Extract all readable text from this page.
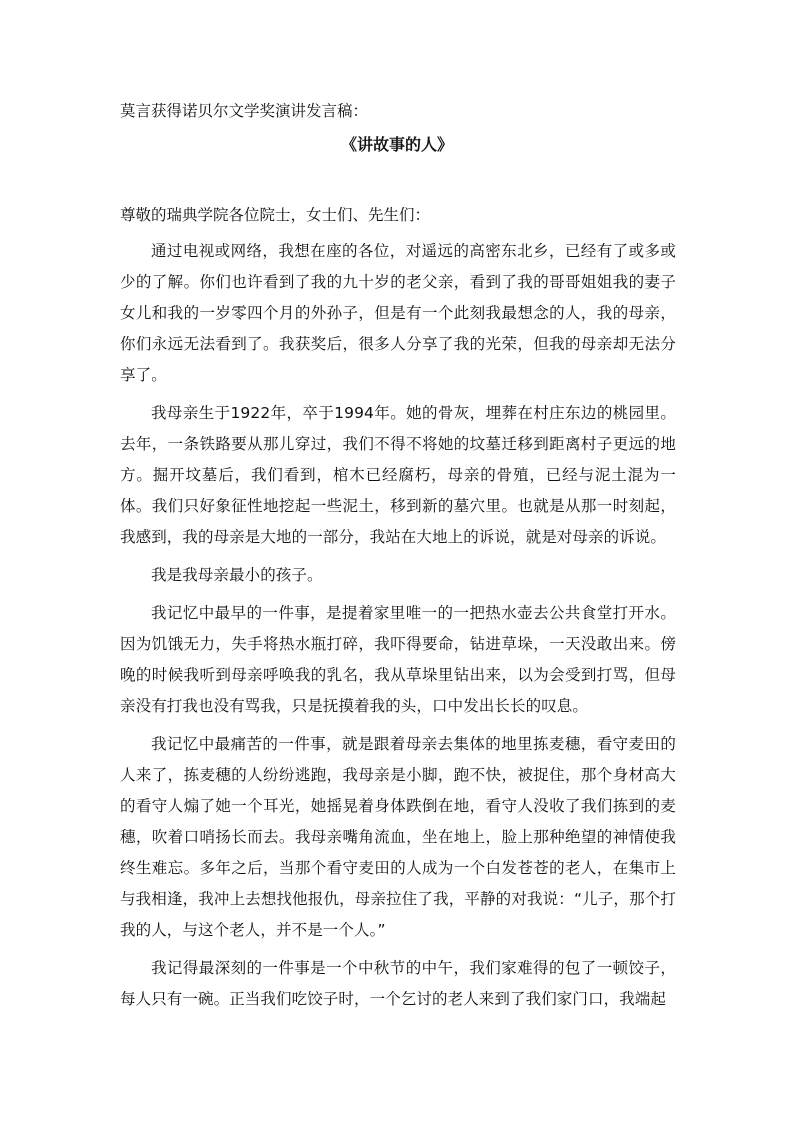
莫言获得诺贝尔文学奖演讲发言稿：
《讲故事的人》
尊敬的瑞典学院各位院士，女士们、先生们：

通过电视或网络，我想在座的各位，对遥远的高密东北乡，已经有了或多或少的了解。你们也许看到了我的九十岁的老父亲，看到了我的哥哥姐姐我的妻子女儿和我的一岁零四个月的外孙子，但是有一个此刻我最想念的人，我的母亲，你们永远无法看到了。我获奖后，很多人分享了我的光荣，但我的母亲却无法分享了。

我母亲生于1922年，卒于1994年。她的骨灰，埋葬在村庄东边的桃园里。去年，一条铁路要从那儿穿过，我们不得不将她的坟墓迁移到距离村子更远的地方。掘开坟墓后，我们看到，棺木已经腐朽，母亲的骨殖，已经与泥土混为一体。我们只好象征性地挖起一些泥土，移到新的墓穴里。也就是从那一时刻起，我感到，我的母亲是大地的一部分，我站在大地上的诉说，就是对母亲的诉说。

我是我母亲最小的孩子。

我记忆中最早的一件事，是提着家里唯一的一把热水壶去公共食堂打开水。因为饥饿无力，失手将热水瓶打碎，我吓得要命，钻进草垛，一天没敢出来。傍晚的时候我听到母亲呼唤我的乳名，我从草垛里钻出来，以为会受到打骂，但母亲没有打我也没有骂我，只是抚摸着我的头，口中发出长长的叹息。

我记忆中最痛苦的一件事，就是跟着母亲去集体的地里拣麦穗，看守麦田的人来了，拣麦穗的人纷纷逃跑，我母亲是小脚，跑不快，被捉住，那个身材高大的看守人煽了她一个耳光，她摇晃着身体跌倒在地，看守人没收了我们拣到的麦穗，吹着口哨扬长而去。我母亲嘴角流血，坐在地上，脸上那种绝望的神情使我终生难忘。多年之后，当那个看守麦田的人成为一个白发苍苍的老人，在集市上与我相逢，我冲上去想找他报仇，母亲拉住了我，平静的对我说：“儿子，那个打我的人，与这个老人，并不是一个人。”

我记得最深刻的一件事是一个中秋节的中午，我们家难得的包了一顿饺子，每人只有一碗。正当我们吃饺子时，一个乞讨的老人来到了我们家门口，我端起
